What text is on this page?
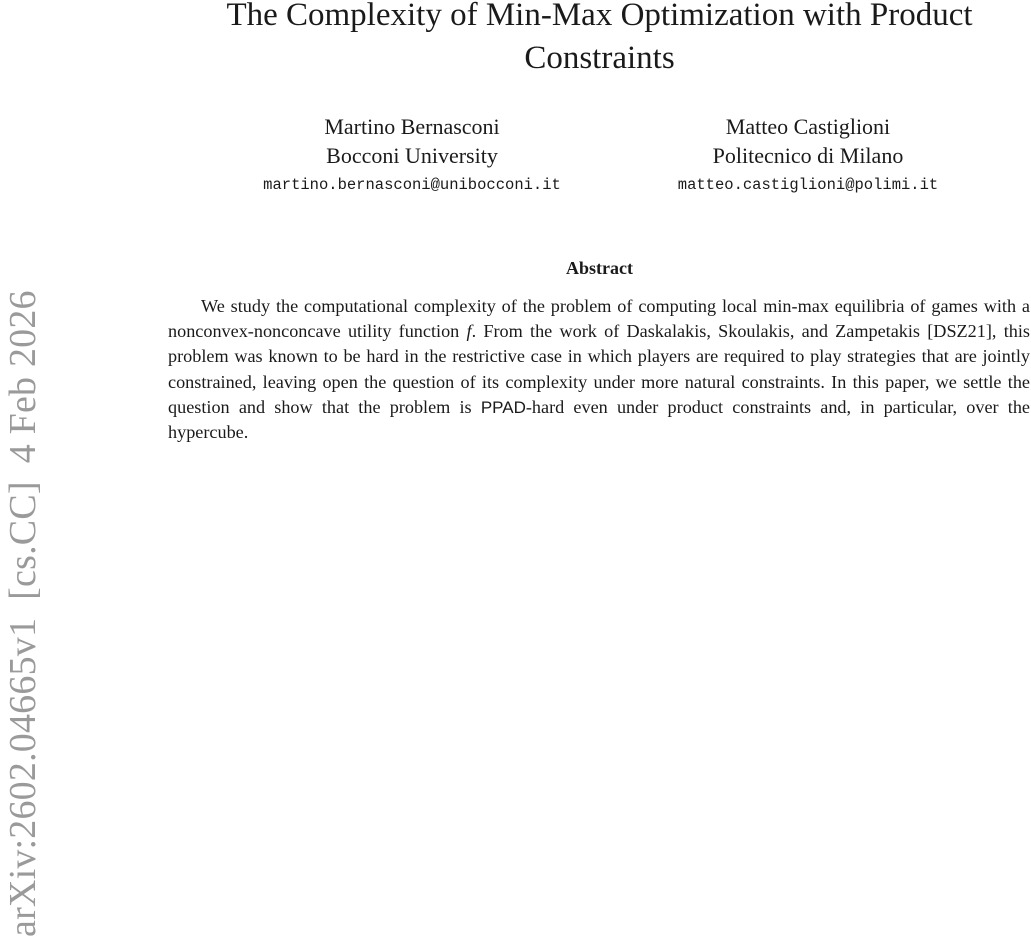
arXiv:2602.04665v1
[cs.CC]
4 Feb 2026
The Complexity of Min-Max Optimization with Product Constraints
Martino Bernasconi
Bocconi University
martino.bernasconi@unibocconi.it
Matteo Castiglioni
Politecnico di Milano
matteo.castiglioni@polimi.it
Abstract

We study the computational complexity of the problem of computing local min-max equilibria of games with a nonconvex-nonconcave utility function f. From the work of Daskalakis, Skoulakis, and Zampetakis [DSZ21], this problem was known to be hard in the restrictive case in which players are required to play strategies that are jointly constrained, leaving open the question of its complexity under more natural constraints. In this paper, we settle the question and show that the problem is PPAD-hard even under product constraints and, in particular, over the hypercube.
